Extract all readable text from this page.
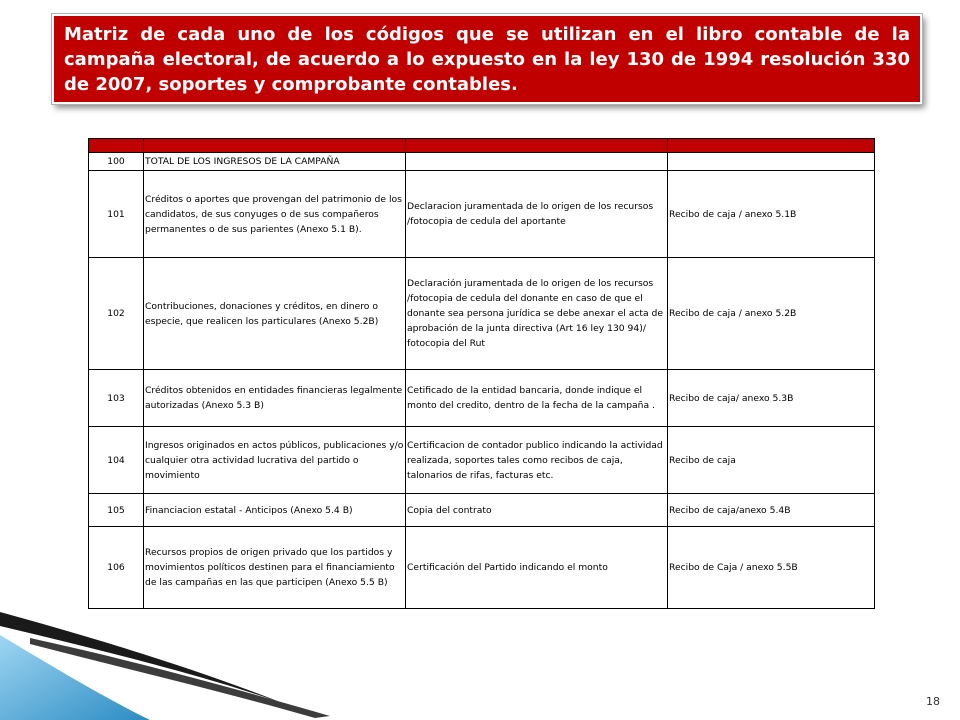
Matriz de cada uno de los códigos que se utilizan en el libro contable de la campaña electoral, de acuerdo a lo expuesto en la ley 130 de 1994 resolución 330 de 2007, soportes y comprobante contables.

Código	Caracteristicas	Documento Soporte	Comprobante contable / Anexos
100	TOTAL DE LOS INGRESOS DE LA CAMPAÑA		
101	Créditos o aportes que provengan del patrimonio de los candidatos, de sus conyuges o de sus compañeros permanentes o de sus parientes (Anexo 5.1 B).	Declaracion juramentada de lo origen de los recursos /fotocopia de cedula del aportante	Recibo de caja / anexo 5.1B
102	Contribuciones, donaciones y créditos, en dinero o especie, que realicen los particulares (Anexo 5.2B)	Declaración juramentada de lo origen de los recursos /fotocopia de cedula del donante en caso de que el donante sea persona jurídica se debe anexar el acta de aprobación de la junta directiva (Art 16 ley 130 94)/ fotocopia del Rut	Recibo de caja / anexo 5.2B
103	Créditos obtenidos en entidades financieras legalmente autorizadas (Anexo 5.3 B)	Cetificado de la entidad bancaria, donde indique el monto del credito, dentro de la fecha de la campaña .	Recibo de caja/ anexo 5.3B
104	Ingresos originados en actos públicos, publicaciones y/o cualquier otra actividad lucrativa del partido o movimiento	Certificacion de contador publico indicando la actividad realizada, soportes tales como recibos de caja, talonarios de rifas, facturas etc.	Recibo de caja
105	Financiacion estatal - Anticipos (Anexo 5.4 B)	Copia del contrato	Recibo de caja/anexo 5.4B
106	Recursos propios de origen privado que los partidos y movimientos políticos destinen para el financiamiento de las campañas en las que participen (Anexo 5.5 B)	Certificación del Partido indicando el monto	Recibo de Caja / anexo 5.5B
18
